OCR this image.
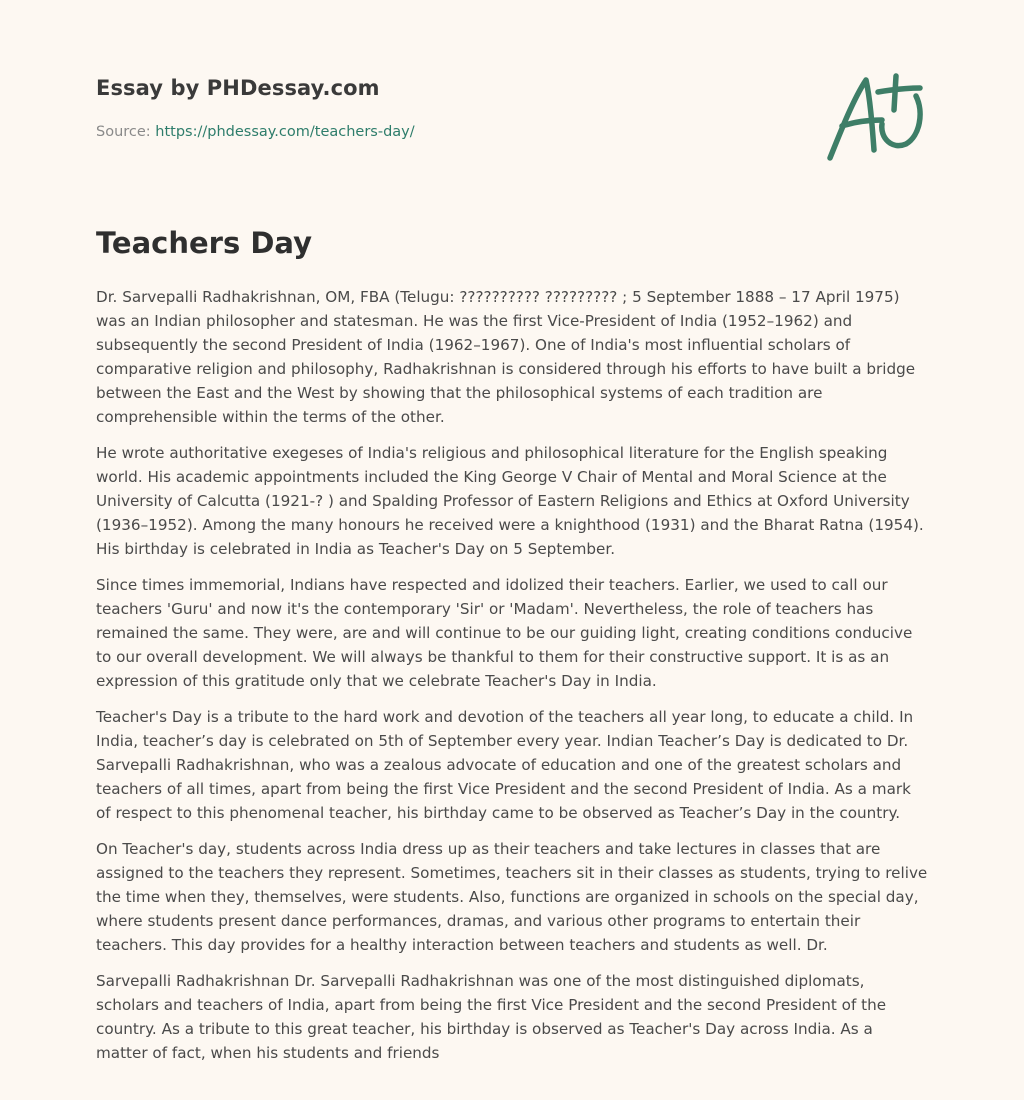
Essay by PHDessay.com
Source: https://phdessay.com/teachers-day/
Teachers Day

Dr. Sarvepalli Radhakrishnan, OM, FBA (Telugu: ?????????? ????????? ; 5 September 1888 – 17 April 1975) was an Indian philosopher and statesman. He was the first Vice-President of India (1952–1962) and subsequently the second President of India (1962–1967). One of India's most influential scholars of comparative religion and philosophy, Radhakrishnan is considered through his efforts to have built a bridge between the East and the West by showing that the philosophical systems of each tradition are comprehensible within the terms of the other.

He wrote authoritative exegeses of India's religious and philosophical literature for the English speaking world. His academic appointments included the King George V Chair of Mental and Moral Science at the University of Calcutta (1921-? ) and Spalding Professor of Eastern Religions and Ethics at Oxford University (1936–1952). Among the many honours he received were a knighthood (1931) and the Bharat Ratna (1954). His birthday is celebrated in India as Teacher's Day on 5 September.

Since times immemorial, Indians have respected and idolized their teachers. Earlier, we used to call our teachers 'Guru' and now it's the contemporary 'Sir' or 'Madam'. Nevertheless, the role of teachers has remained the same. They were, are and will continue to be our guiding light, creating conditions conducive to our overall development. We will always be thankful to them for their constructive support. It is as an expression of this gratitude only that we celebrate Teacher's Day in India.

Teacher's Day is a tribute to the hard work and devotion of the teachers all year long, to educate a child. In India, teacher’s day is celebrated on 5th of September every year. Indian Teacher’s Day is dedicated to Dr. Sarvepalli Radhakrishnan, who was a zealous advocate of education and one of the greatest scholars and teachers of all times, apart from being the first Vice President and the second President of India. As a mark of respect to this phenomenal teacher, his birthday came to be observed as Teacher’s Day in the country.

On Teacher's day, students across India dress up as their teachers and take lectures in classes that are assigned to the teachers they represent. Sometimes, teachers sit in their classes as students, trying to relive the time when they, themselves, were students. Also, functions are organized in schools on the special day, where students present dance performances, dramas, and various other programs to entertain their teachers. This day provides for a healthy interaction between teachers and students as well. Dr.

Sarvepalli Radhakrishnan Dr. Sarvepalli Radhakrishnan was one of the most distinguished diplomats, scholars and teachers of India, apart from being the first Vice President and the second President of the country. As a tribute to this great teacher, his birthday is observed as Teacher's Day across India. As a matter of fact, when his students and friends
